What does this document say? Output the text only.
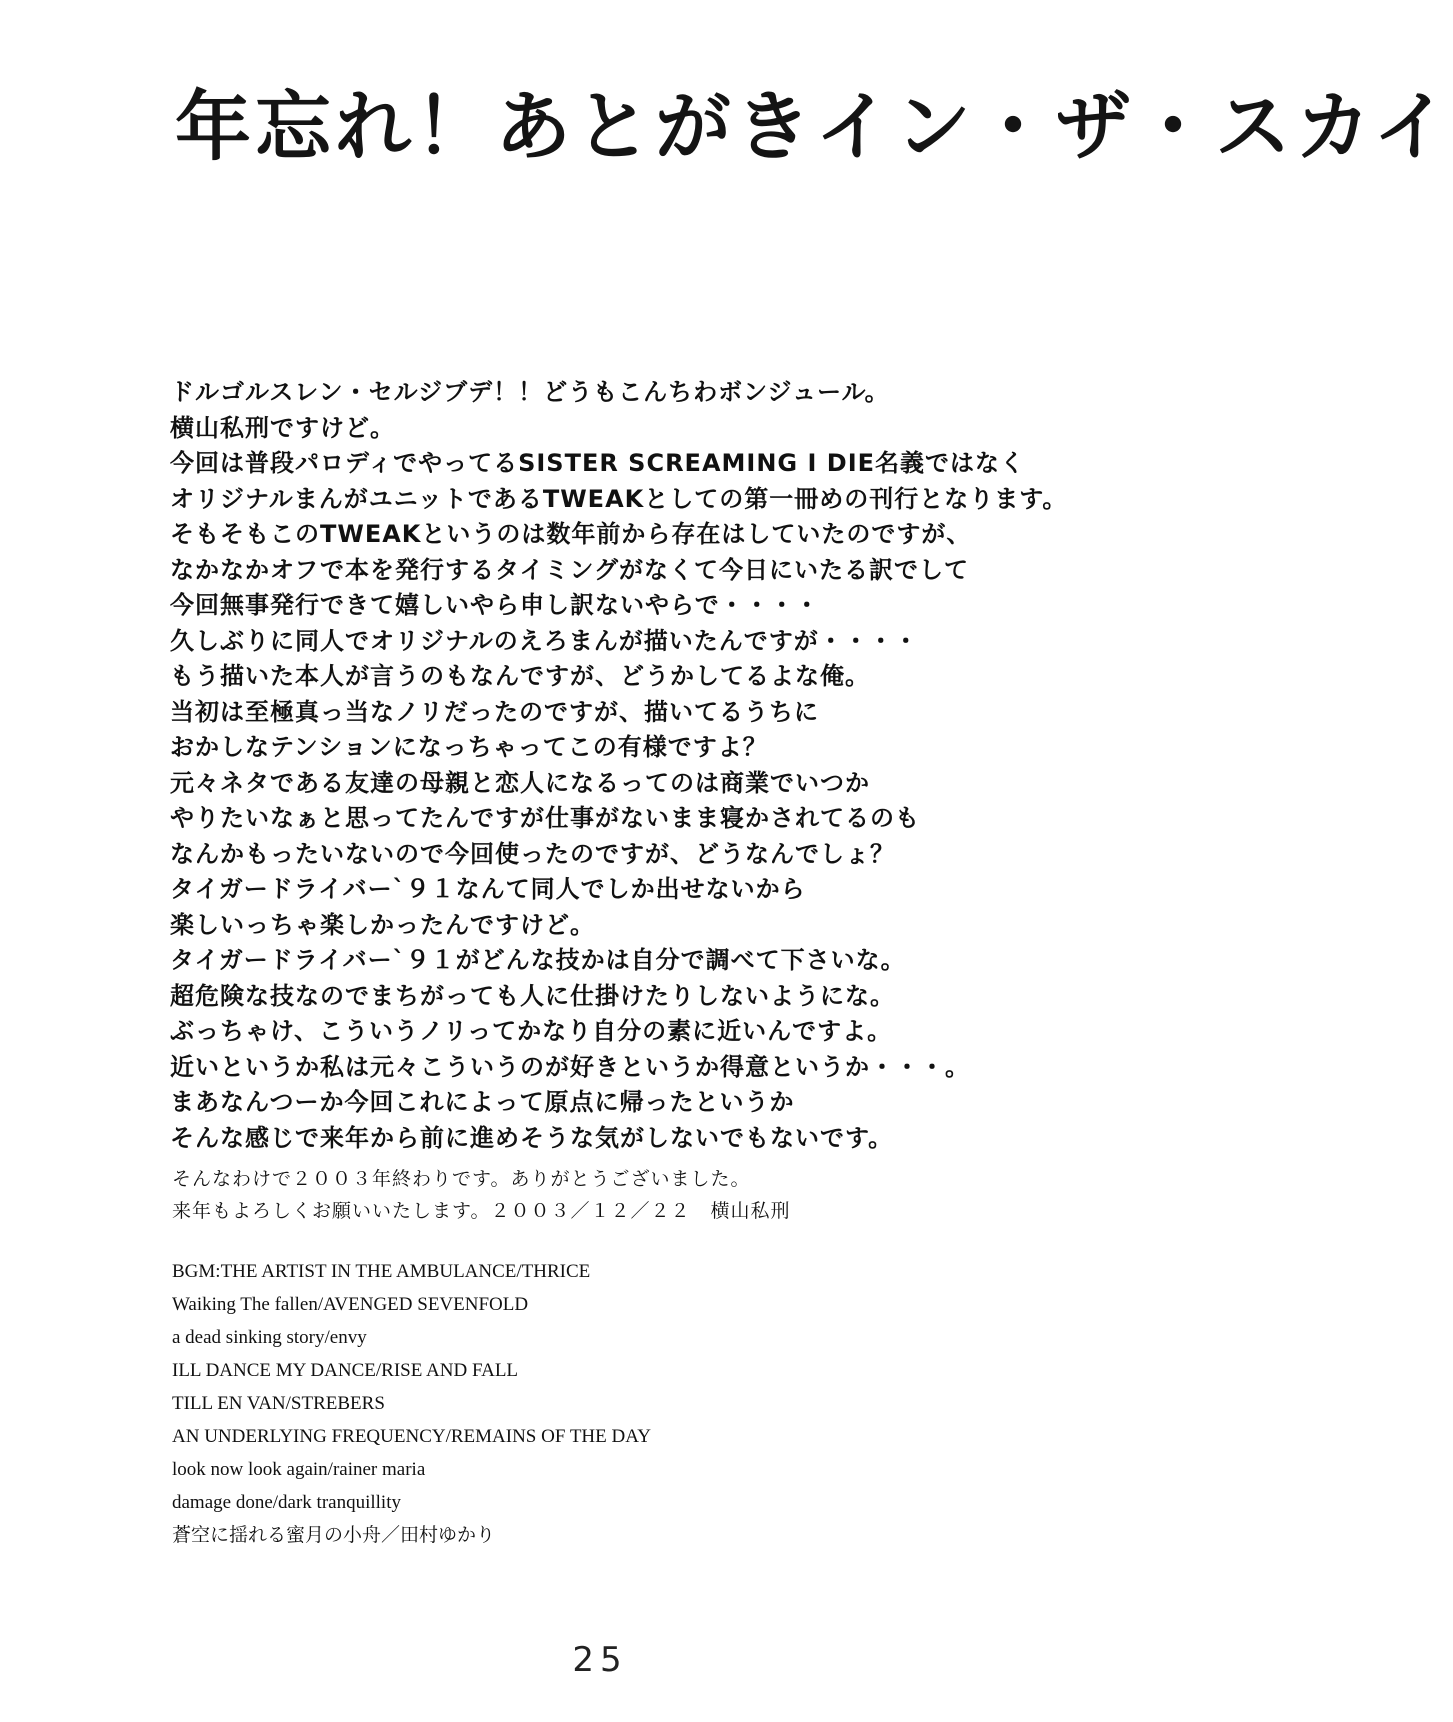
年忘れ！あとがきイン・ザ・スカイ
ドルゴルスレン・セルジブデ！！どうもこんちわボンジュール。
横山私刑ですけど。
今回は普段パロディでやってるSISTER SCREAMING I DIE名義ではなく
オリジナルまんがユニットであるTWEAKとしての第一冊めの刊行となります。
そもそもこのTWEAKというのは数年前から存在はしていたのですが、
なかなかオフで本を発行するタイミングがなくて今日にいたる訳でして
今回無事発行できて嬉しいやら申し訳ないやらで・・・・
久しぶりに同人でオリジナルのえろまんが描いたんですが・・・・
もう描いた本人が言うのもなんですが、どうかしてるよな俺。
当初は至極真っ当なノリだったのですが、描いてるうちに
おかしなテンションになっちゃってこの有様ですよ？
元々ネタである友達の母親と恋人になるってのは商業でいつか
やりたいなぁと思ってたんですが仕事がないまま寝かされてるのも
なんかもったいないので今回使ったのですが、どうなんでしょ？
タイガードライバー`９１なんて同人でしか出せないから
楽しいっちゃ楽しかったんですけど。
タイガードライバー`９１がどんな技かは自分で調べて下さいな。
超危険な技なのでまちがっても人に仕掛けたりしないようにな。
ぶっちゃけ、こういうノリってかなり自分の素に近いんですよ。
近いというか私は元々こういうのが好きというか得意というか・・・。
まあなんつーか今回これによって原点に帰ったというか
そんな感じで来年から前に進めそうな気がしないでもないです。
そんなわけで２００３年終わりです。ありがとうございました。
来年もよろしくお願いいたします。２００３／１２／２２　横山私刑
BGM:THE ARTIST IN THE AMBULANCE/THRICE
Waiking The fallen/AVENGED SEVENFOLD
a dead sinking story/envy
ILL DANCE MY DANCE/RISE AND FALL
TILL EN VAN/STREBERS
AN UNDERLYING FREQUENCY/REMAINS OF THE DAY
look now look again/rainer maria
damage done/dark tranquillity
蒼空に揺れる蜜月の小舟／田村ゆかり
25
